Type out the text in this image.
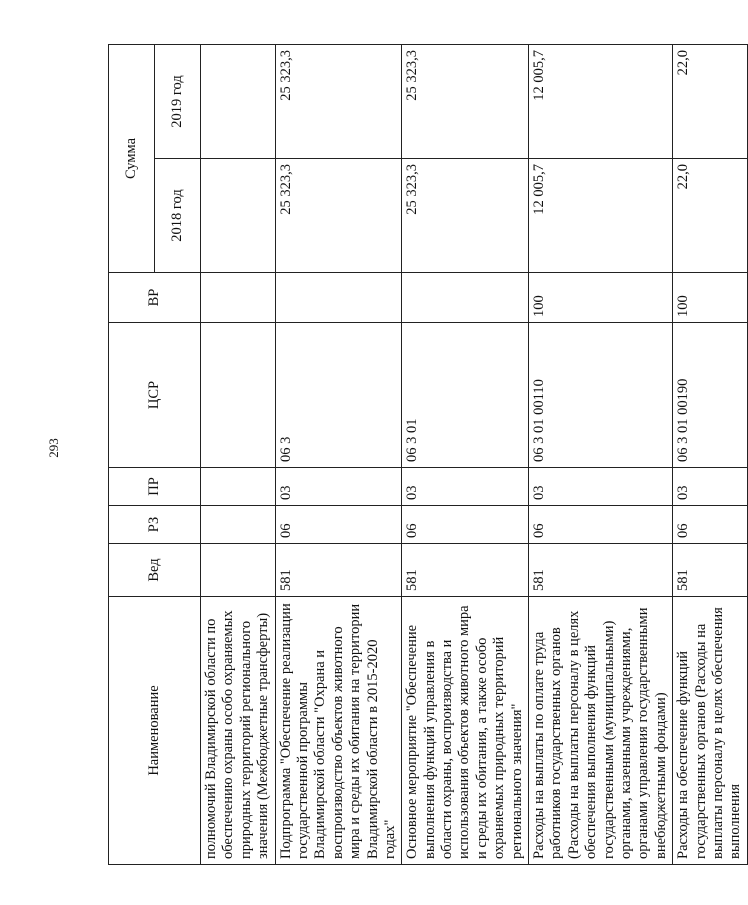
293
Наименование	Вед	РЗ	ПР	ЦСР	ВР	Сумма	
						2018 год	2019 год
полномочий Владимирской области по обеспечению охраны особо охраняемых природных территорий регионального значения (Межбюджетные трансферты)							
Подпрограмма "Обеспечение реализации государственной программы Владимирской области "Охрана и воспроизводство объектов животного мира и среды их обитания на территории Владимирской области в 2015-2020 годах"	581	06	03	06 3		25 323,3	25 323,3
Основное мероприятие "Обеспечение выполнения функций управления в области охраны, воспроизводства и использования объектов животного мира и среды их обитания, а также особо охраняемых природных территорий регионального значения"	581	06	03	06 3 01		25 323,3	25 323,3
Расходы на выплаты по оплате труда работников государственных органов (Расходы на выплаты персоналу в целях обеспечения выполнения функций государственными (муниципальными) органами, казенными учреждениями, органами управления государственными внебюджетными фондами)	581	06	03	06 3 01 00110	100	12 005,7	12 005,7
Расходы на обеспечение функций государственных органов (Расходы на выплаты персоналу в целях обеспечения выполнения	581	06	03	06 3 01 00190	100	22,0	22,0
